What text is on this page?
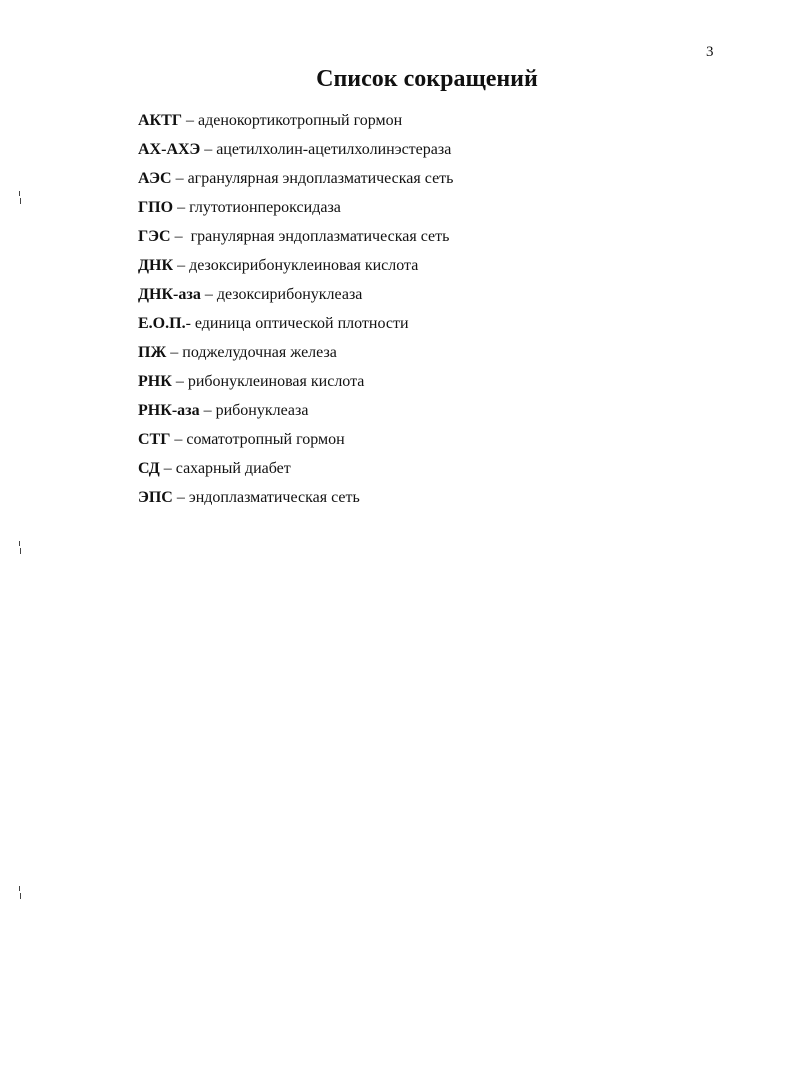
3
Список сокращений
АКТГ – аденокортикотропный гормон
АХ-АХЭ – ацетилхолин-ацетилхолинэстераза
АЭС – агранулярная эндоплазматическая сеть
ГПО – глутотионпероксидаза
ГЭС –  гранулярная эндоплазматическая сеть
ДНК – дезоксирибонуклеиновая кислота
ДНК-аза – дезоксирибонуклеаза
Е.О.П.- единица оптической плотности
ПЖ – поджелудочная железа
РНК – рибонуклеиновая кислота
РНК-аза – рибонуклеаза
СТГ – соматотропный гормон
СД – сахарный диабет
ЭПС – эндоплазматическая сеть
